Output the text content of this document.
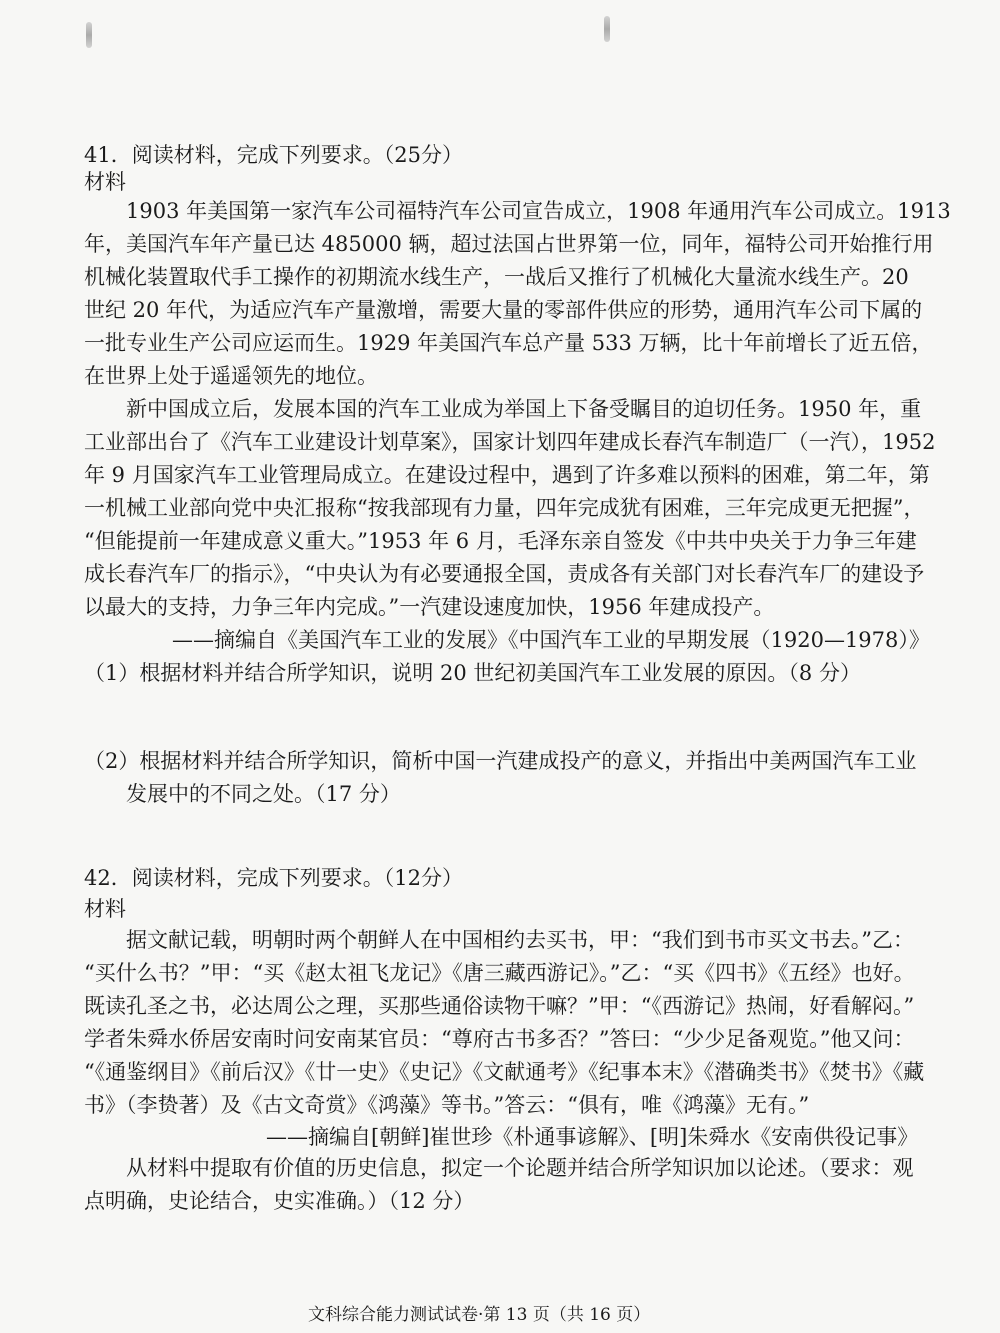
41．阅读材料，完成下列要求。（25分）
材料
1903 年美国第一家汽车公司福特汽车公司宣告成立，1908 年通用汽车公司成立。1913
年，美国汽车年产量已达 485000 辆，超过法国占世界第一位，同年，福特公司开始推行用
机械化装置取代手工操作的初期流水线生产，一战后又推行了机械化大量流水线生产。20
世纪 20 年代，为适应汽车产量激增，需要大量的零部件供应的形势，通用汽车公司下属的
一批专业生产公司应运而生。1929 年美国汽车总产量 533 万辆，比十年前增长了近五倍，
在世界上处于遥遥领先的地位。
新中国成立后，发展本国的汽车工业成为举国上下备受瞩目的迫切任务。1950 年，重
工业部出台了《汽车工业建设计划草案》，国家计划四年建成长春汽车制造厂（一汽），1952
年 9 月国家汽车工业管理局成立。在建设过程中，遇到了许多难以预料的困难，第二年，第
一机械工业部向党中央汇报称“按我部现有力量，四年完成犹有困难，三年完成更无把握”，
“但能提前一年建成意义重大。”1953 年 6 月，毛泽东亲自签发《中共中央关于力争三年建
成长春汽车厂的指示》，“中央认为有必要通报全国，责成各有关部门对长春汽车厂的建设予
以最大的支持，力争三年内完成。”一汽建设速度加快，1956 年建成投产。
——摘编自《美国汽车工业的发展》《中国汽车工业的早期发展（1920—1978）》
（1）根据材料并结合所学知识，说明 20 世纪初美国汽车工业发展的原因。（8 分）
（2）根据材料并结合所学知识，简析中国一汽建成投产的意义，并指出中美两国汽车工业
发展中的不同之处。（17 分）
42．阅读材料，完成下列要求。（12分）
材料
据文献记载，明朝时两个朝鲜人在中国相约去买书，甲：“我们到书市买文书去。”乙：
“买什么书？”甲：“买《赵太祖飞龙记》《唐三藏西游记》。”乙：“买《四书》《五经》也好。
既读孔圣之书，必达周公之理，买那些通俗读物干嘛？”甲：“《西游记》热闹，好看解闷。”
学者朱舜水侨居安南时问安南某官员：“尊府古书多否？”答曰：“少少足备观览。”他又问：
“《通鉴纲目》《前后汉》《廿一史》《史记》《文献通考》《纪事本末》《潜确类书》《焚书》《藏
书》（李贽著）及《古文奇赏》《鸿藻》等书。”答云：“俱有，唯《鸿藻》无有。”
——摘编自[朝鲜]崔世珍《朴通事谚解》、[明]朱舜水《安南供役记事》
从材料中提取有价值的历史信息，拟定一个论题并结合所学知识加以论述。（要求：观
点明确，史论结合，史实准确。）（12 分）
文科综合能力测试试卷·第 13 页（共 16 页）
